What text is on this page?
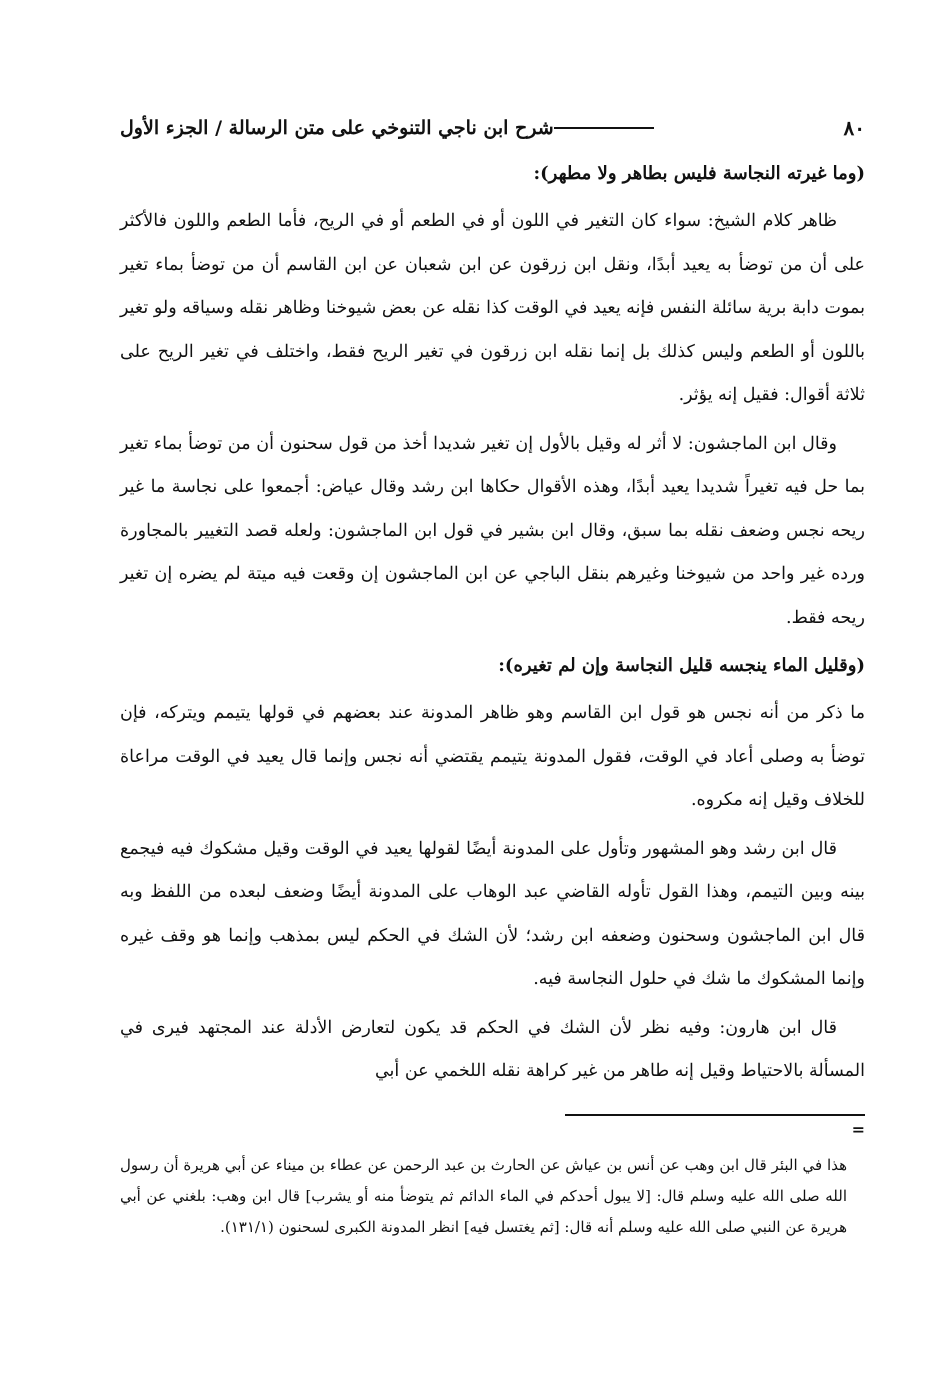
٨٠
شرح ابن ناجي التنوخي على متن الرسالة / الجزء الأول

(وما غيرته النجاسة فليس بطاهر ولا مطهر):

ظاهر كلام الشيخ: سواء كان التغير في اللون أو في الطعم أو في الريح، فأما الطعم واللون فالأكثر على أن من توضأ به يعيد أبدًا، ونقل ابن زرقون عن ابن شعبان عن ابن القاسم أن من توضأ بماء تغير بموت دابة برية سائلة النفس فإنه يعيد في الوقت كذا نقله عن بعض شيوخنا وظاهر نقله وسياقه ولو تغير باللون أو الطعم وليس كذلك بل إنما نقله ابن زرقون في تغير الريح فقط، واختلف في تغير الريح على ثلاثة أقوال: فقيل إنه يؤثر.

وقال ابن الماجشون: لا أثر له وقيل بالأول إن تغير شديدا أخذ من قول سحنون أن من توضأ بماء تغير بما حل فيه تغيراً شديدا يعيد أبدًا، وهذه الأقوال حكاها ابن رشد وقال عياض: أجمعوا على نجاسة ما غير ريحه نجس وضعف نقله بما سبق، وقال ابن بشير في قول ابن الماجشون: ولعله قصد التغيير بالمجاورة ورده غير واحد من شيوخنا وغيرهم بنقل الباجي عن ابن الماجشون إن وقعت فيه ميتة لم يضره إن تغير ريحه فقط.

(وقليل الماء ينجسه قليل النجاسة وإن لم تغيره):

ما ذكر من أنه نجس هو قول ابن القاسم وهو ظاهر المدونة عند بعضهم في قولها يتيمم ويتركه، فإن توضأ به وصلى أعاد في الوقت، فقول المدونة يتيمم يقتضي أنه نجس وإنما قال يعيد في الوقت مراعاة للخلاف وقيل إنه مكروه.

قال ابن رشد وهو المشهور وتأول على المدونة أيضًا لقولها يعيد في الوقت وقيل مشكوك فيه فيجمع بينه وبين التيمم، وهذا القول تأوله القاضي عبد الوهاب على المدونة أيضًا وضعف لبعده من اللفظ وبه قال ابن الماجشون وسحنون وضعفه ابن رشد؛ لأن الشك في الحكم ليس بمذهب وإنما هو وقف غيره وإنما المشكوك ما شك في حلول النجاسة فيه.

قال ابن هارون: وفيه نظر لأن الشك في الحكم قد يكون لتعارض الأدلة عند المجتهد فيرى في المسألة بالاحتياط وقيل إنه طاهر من غير كراهة نقله اللخمي عن أبي

=

هذا في البئر قال ابن وهب عن أنس بن عياش عن الحارث بن عبد الرحمن عن عطاء بن ميناء عن أبي هريرة أن رسول الله صلى الله عليه وسلم قال: [لا يبول أحدكم في الماء الدائم ثم يتوضأ منه أو يشرب] قال ابن وهب: بلغني عن أبي هريرة عن النبي صلى الله عليه وسلم أنه قال: [ثم يغتسل فيه] انظر المدونة الكبرى لسحنون (١٣١/١).
